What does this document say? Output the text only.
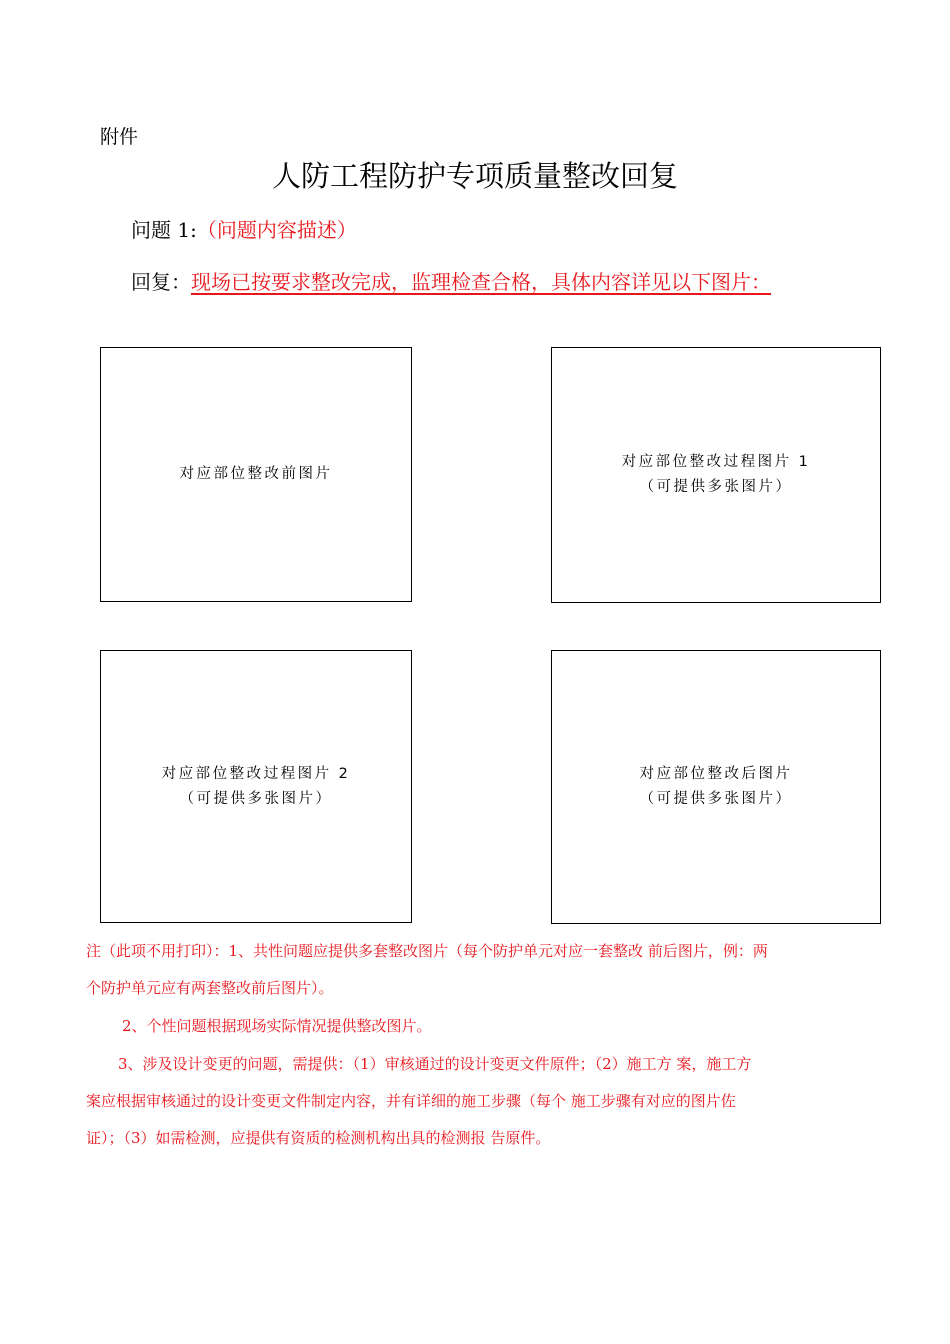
附件
人防工程防护专项质量整改回复
问题 1:（问题内容描述）
回复：现场已按要求整改完成，监理检查合格，具体内容详见以下图片：
对应部位整改前图片
对应部位整改过程图片 1
（可提供多张图片）
对应部位整改过程图片 2
（可提供多张图片）
对应部位整改后图片
（可提供多张图片）
注（此项不用打印）：1、共性问题应提供多套整改图片（每个防护单元对应一套整改 前后图片，例：两
个防护单元应有两套整改前后图片）。
2、个性问题根据现场实际情况提供整改图片。
3、涉及设计变更的问题，需提供：（1）审核通过的设计变更文件原件；（2）施工方 案，施工方
案应根据审核通过的设计变更文件制定内容，并有详细的施工步骤（每个 施工步骤有对应的图片佐
证）；（3）如需检测，应提供有资质的检测机构出具的检测报 告原件。
